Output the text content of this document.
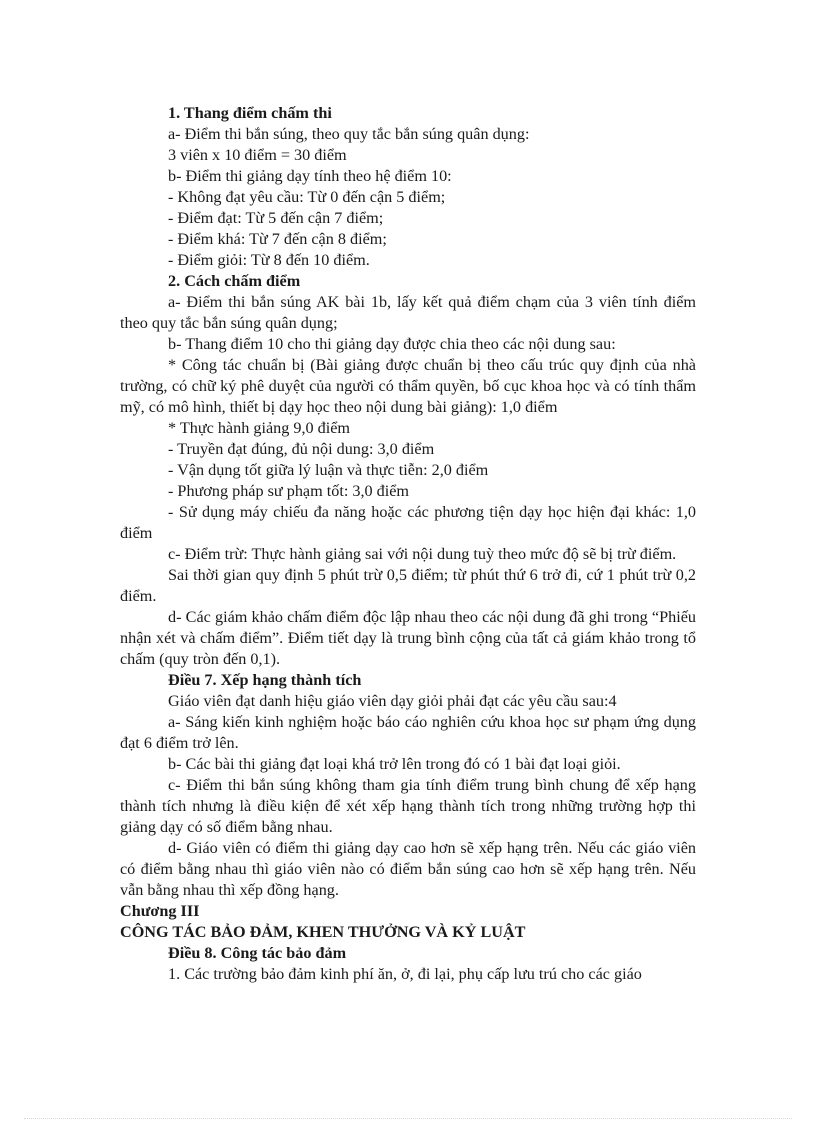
1. Thang điểm chấm thi

a- Điểm thi bắn súng, theo quy tắc bắn súng quân dụng:

3 viên x 10 điểm = 30 điểm

b- Điểm thi giảng dạy tính theo hệ điểm 10:

- Không đạt yêu cầu: Từ 0 đến cận 5 điểm;

- Điểm đạt: Từ 5 đến cận 7 điểm;

- Điểm khá: Từ 7 đến cận 8 điểm;

- Điểm giỏi: Từ 8 đến 10 điểm.

2. Cách chấm điểm

a- Điểm thi bắn súng AK bài 1b, lấy kết quả điểm chạm của 3 viên tính điểm theo quy tắc bắn súng quân dụng;

b- Thang điểm 10 cho thi giảng dạy được chia theo các nội dung sau:

* Công tác chuẩn bị (Bài giảng được chuẩn bị theo cấu trúc quy định của nhà trường, có chữ ký phê duyệt của người có thẩm quyền, bố cục khoa học và có tính thẩm mỹ, có mô hình, thiết bị dạy học theo nội dung bài giảng): 1,0 điểm

* Thực hành giảng 9,0 điểm

- Truyền đạt đúng, đủ nội dung: 3,0 điểm

- Vận dụng tốt giữa lý luận và thực tiễn: 2,0 điểm

- Phương pháp sư phạm tốt: 3,0 điểm

- Sử dụng máy chiếu đa năng hoặc các phương tiện dạy học hiện đại khác: 1,0 điểm

c- Điểm trừ: Thực hành giảng sai với nội dung tuỳ theo mức độ sẽ bị trừ điểm.

Sai thời gian quy định 5 phút trừ 0,5 điểm; từ phút thứ 6 trở đi, cứ 1 phút trừ 0,2 điểm.

d- Các giám khảo chấm điểm độc lập nhau theo các nội dung đã ghi trong “Phiếu nhận xét và chấm điểm”. Điểm tiết dạy là trung bình cộng của tất cả giám khảo trong tổ chấm (quy tròn đến 0,1).

Điều 7. Xếp hạng thành tích

Giáo viên đạt danh hiệu giáo viên dạy giỏi phải đạt các yêu cầu sau:4

a- Sáng kiến kinh nghiệm hoặc báo cáo nghiên cứu khoa học sư phạm ứng dụng đạt 6 điểm trở lên.

b- Các bài thi giảng đạt loại khá trở lên trong đó có 1 bài đạt loại giỏi.

c- Điểm thi bắn súng không tham gia tính điểm trung bình chung để xếp hạng thành tích nhưng là điều kiện để xét xếp hạng thành tích trong những trường hợp thi giảng dạy có số điểm bằng nhau.

d- Giáo viên có điểm thi giảng dạy cao hơn sẽ xếp hạng trên. Nếu các giáo viên có điểm bằng nhau thì giáo viên nào có điểm bắn súng cao hơn sẽ xếp hạng trên. Nếu vẫn bằng nhau thì xếp đồng hạng.

Chương III

CÔNG TÁC BẢO ĐẢM, KHEN THƯỞNG VÀ KỶ LUẬT

Điều 8. Công tác bảo đảm

1. Các trường bảo đảm kinh phí ăn, ở, đi lại, phụ cấp lưu trú cho các giáo
